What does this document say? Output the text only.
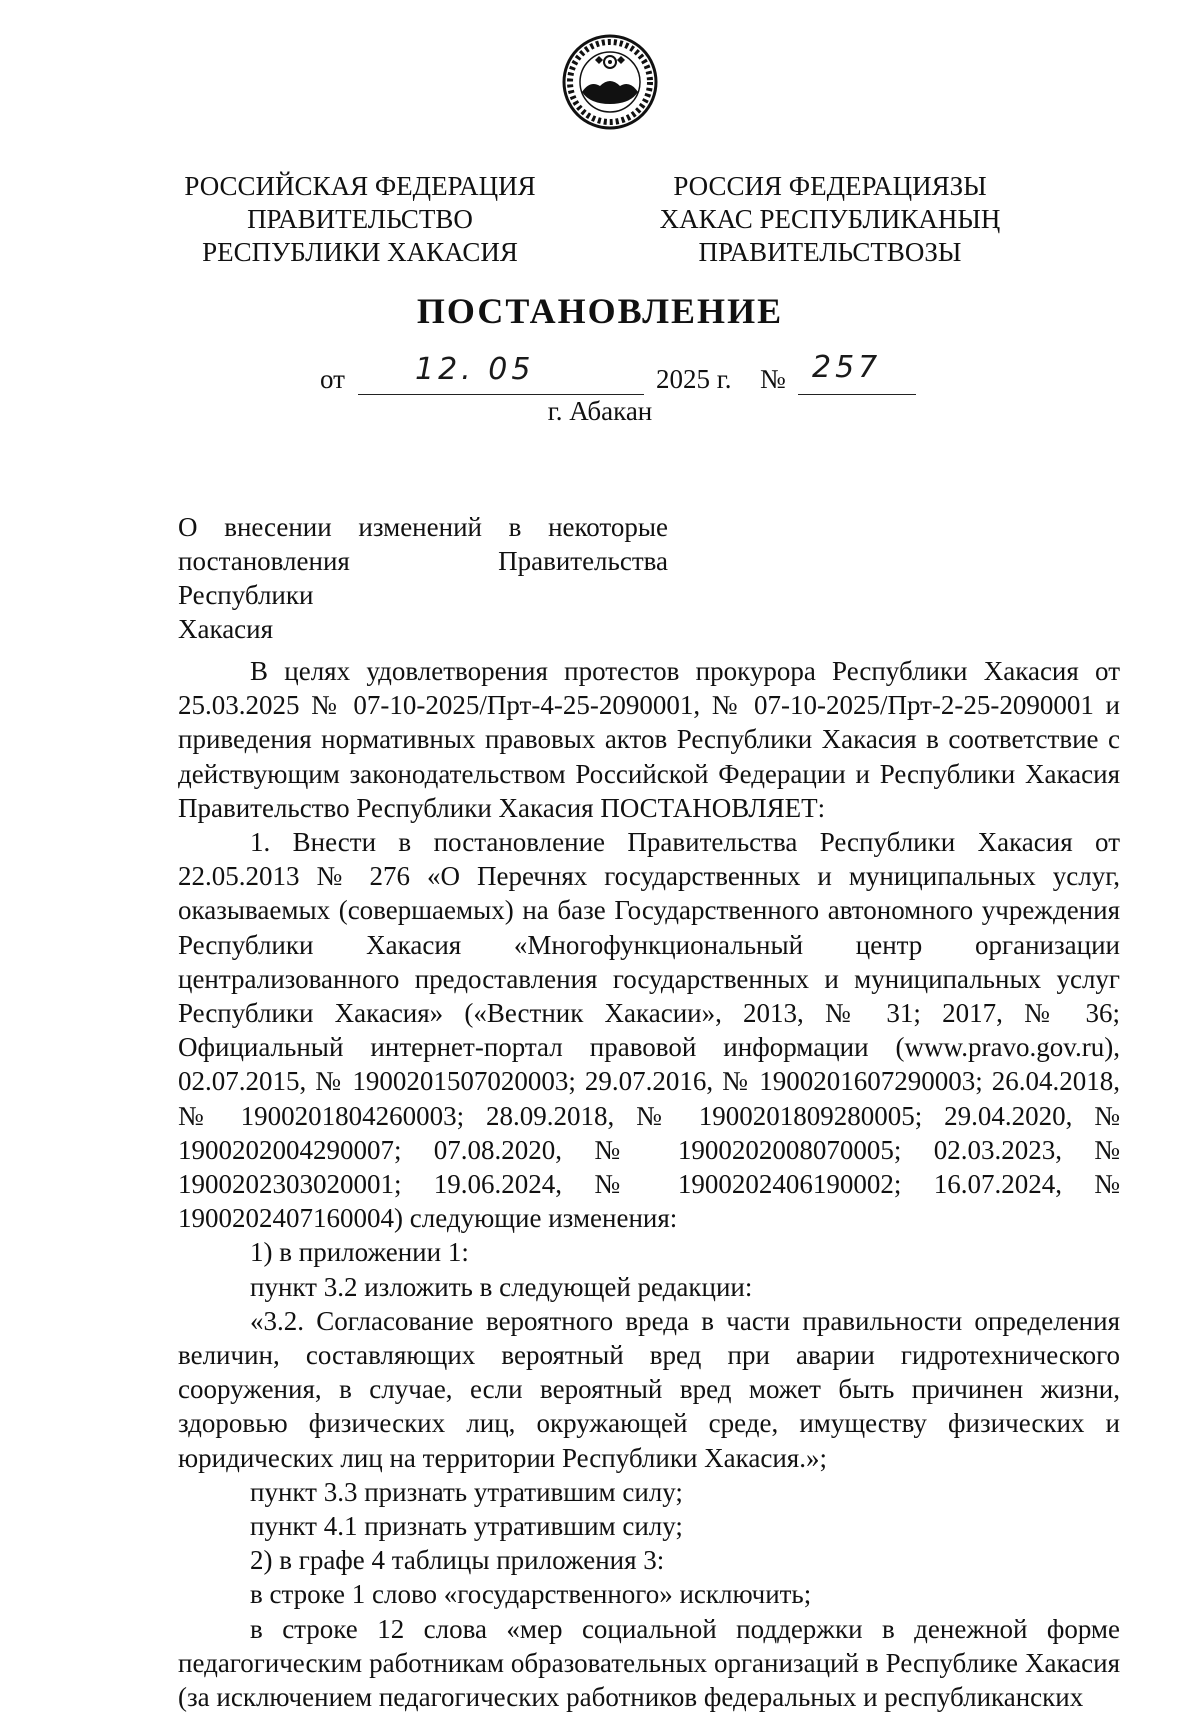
РОССИЙСКАЯ ФЕДЕРАЦИЯ
ПРАВИТЕЛЬСТВО
РЕСПУБЛИКИ ХАКАСИЯ
РОССИЯ ФЕДЕРАЦИЯЗЫ
ХАКАС РЕСПУБЛИКАНЫҢ
ПРАВИТЕЛЬСТВОЗЫ
ПОСТАНОВЛЕНИЕ
от 12. 05	2025 г. № 257
г. Абакан
О внесении изменений в некоторые
постановления Правительства Республики
Хакасия

В целях удовлетворения протестов прокурора Республики Хакасия от 25.03.2025 № 07-10-2025/Прт-4-25-2090001, № 07-10-2025/Прт-2-25-2090001 и приведения нормативных правовых актов Республики Хакасия в соответствие с действующим законодательством Российской Федерации и Республики Хакасия Правительство Республики Хакасия ПОСТАНОВЛЯЕТ:

1. Внести в постановление Правительства Республики Хакасия от 22.05.2013 № 276 «О Перечнях государственных и муниципальных услуг, оказываемых (совершаемых) на базе Государственного автономного учреждения Республики Хакасия «Многофункциональный центр организации централизованного предоставления государственных и муниципальных услуг Республики Хакасия» («Вестник Хакасии», 2013, № 31; 2017, № 36; Официальный интернет-портал правовой информации (www.pravo.gov.ru), 02.07.2015, № 1900201507020003; 29.07.2016, № 1900201607290003; 26.04.2018, № 1900201804260003; 28.09.2018, № 1900201809280005; 29.04.2020, № 1900202004290007; 07.08.2020, № 1900202008070005; 02.03.2023, № 1900202303020001; 19.06.2024, № 1900202406190002; 16.07.2024, № 1900202407160004) следующие изменения:

1) в приложении 1:

пункт 3.2 изложить в следующей редакции:

«3.2. Согласование вероятного вреда в части правильности определения величин, составляющих вероятный вред при аварии гидротехнического сооружения, в случае, если вероятный вред может быть причинен жизни, здоровью физических лиц, окружающей среде, имуществу физических и юридических лиц на территории Республики Хакасия.»;

пункт 3.3 признать утратившим силу;

пункт 4.1 признать утратившим силу;

2) в графе 4 таблицы приложения 3:

в строке 1 слово «государственного» исключить;

в строке 12 слова «мер социальной поддержки в денежной форме педагогическим работникам образовательных организаций в Республике Хакасия (за исключением педагогических работников федеральных и республиканских
